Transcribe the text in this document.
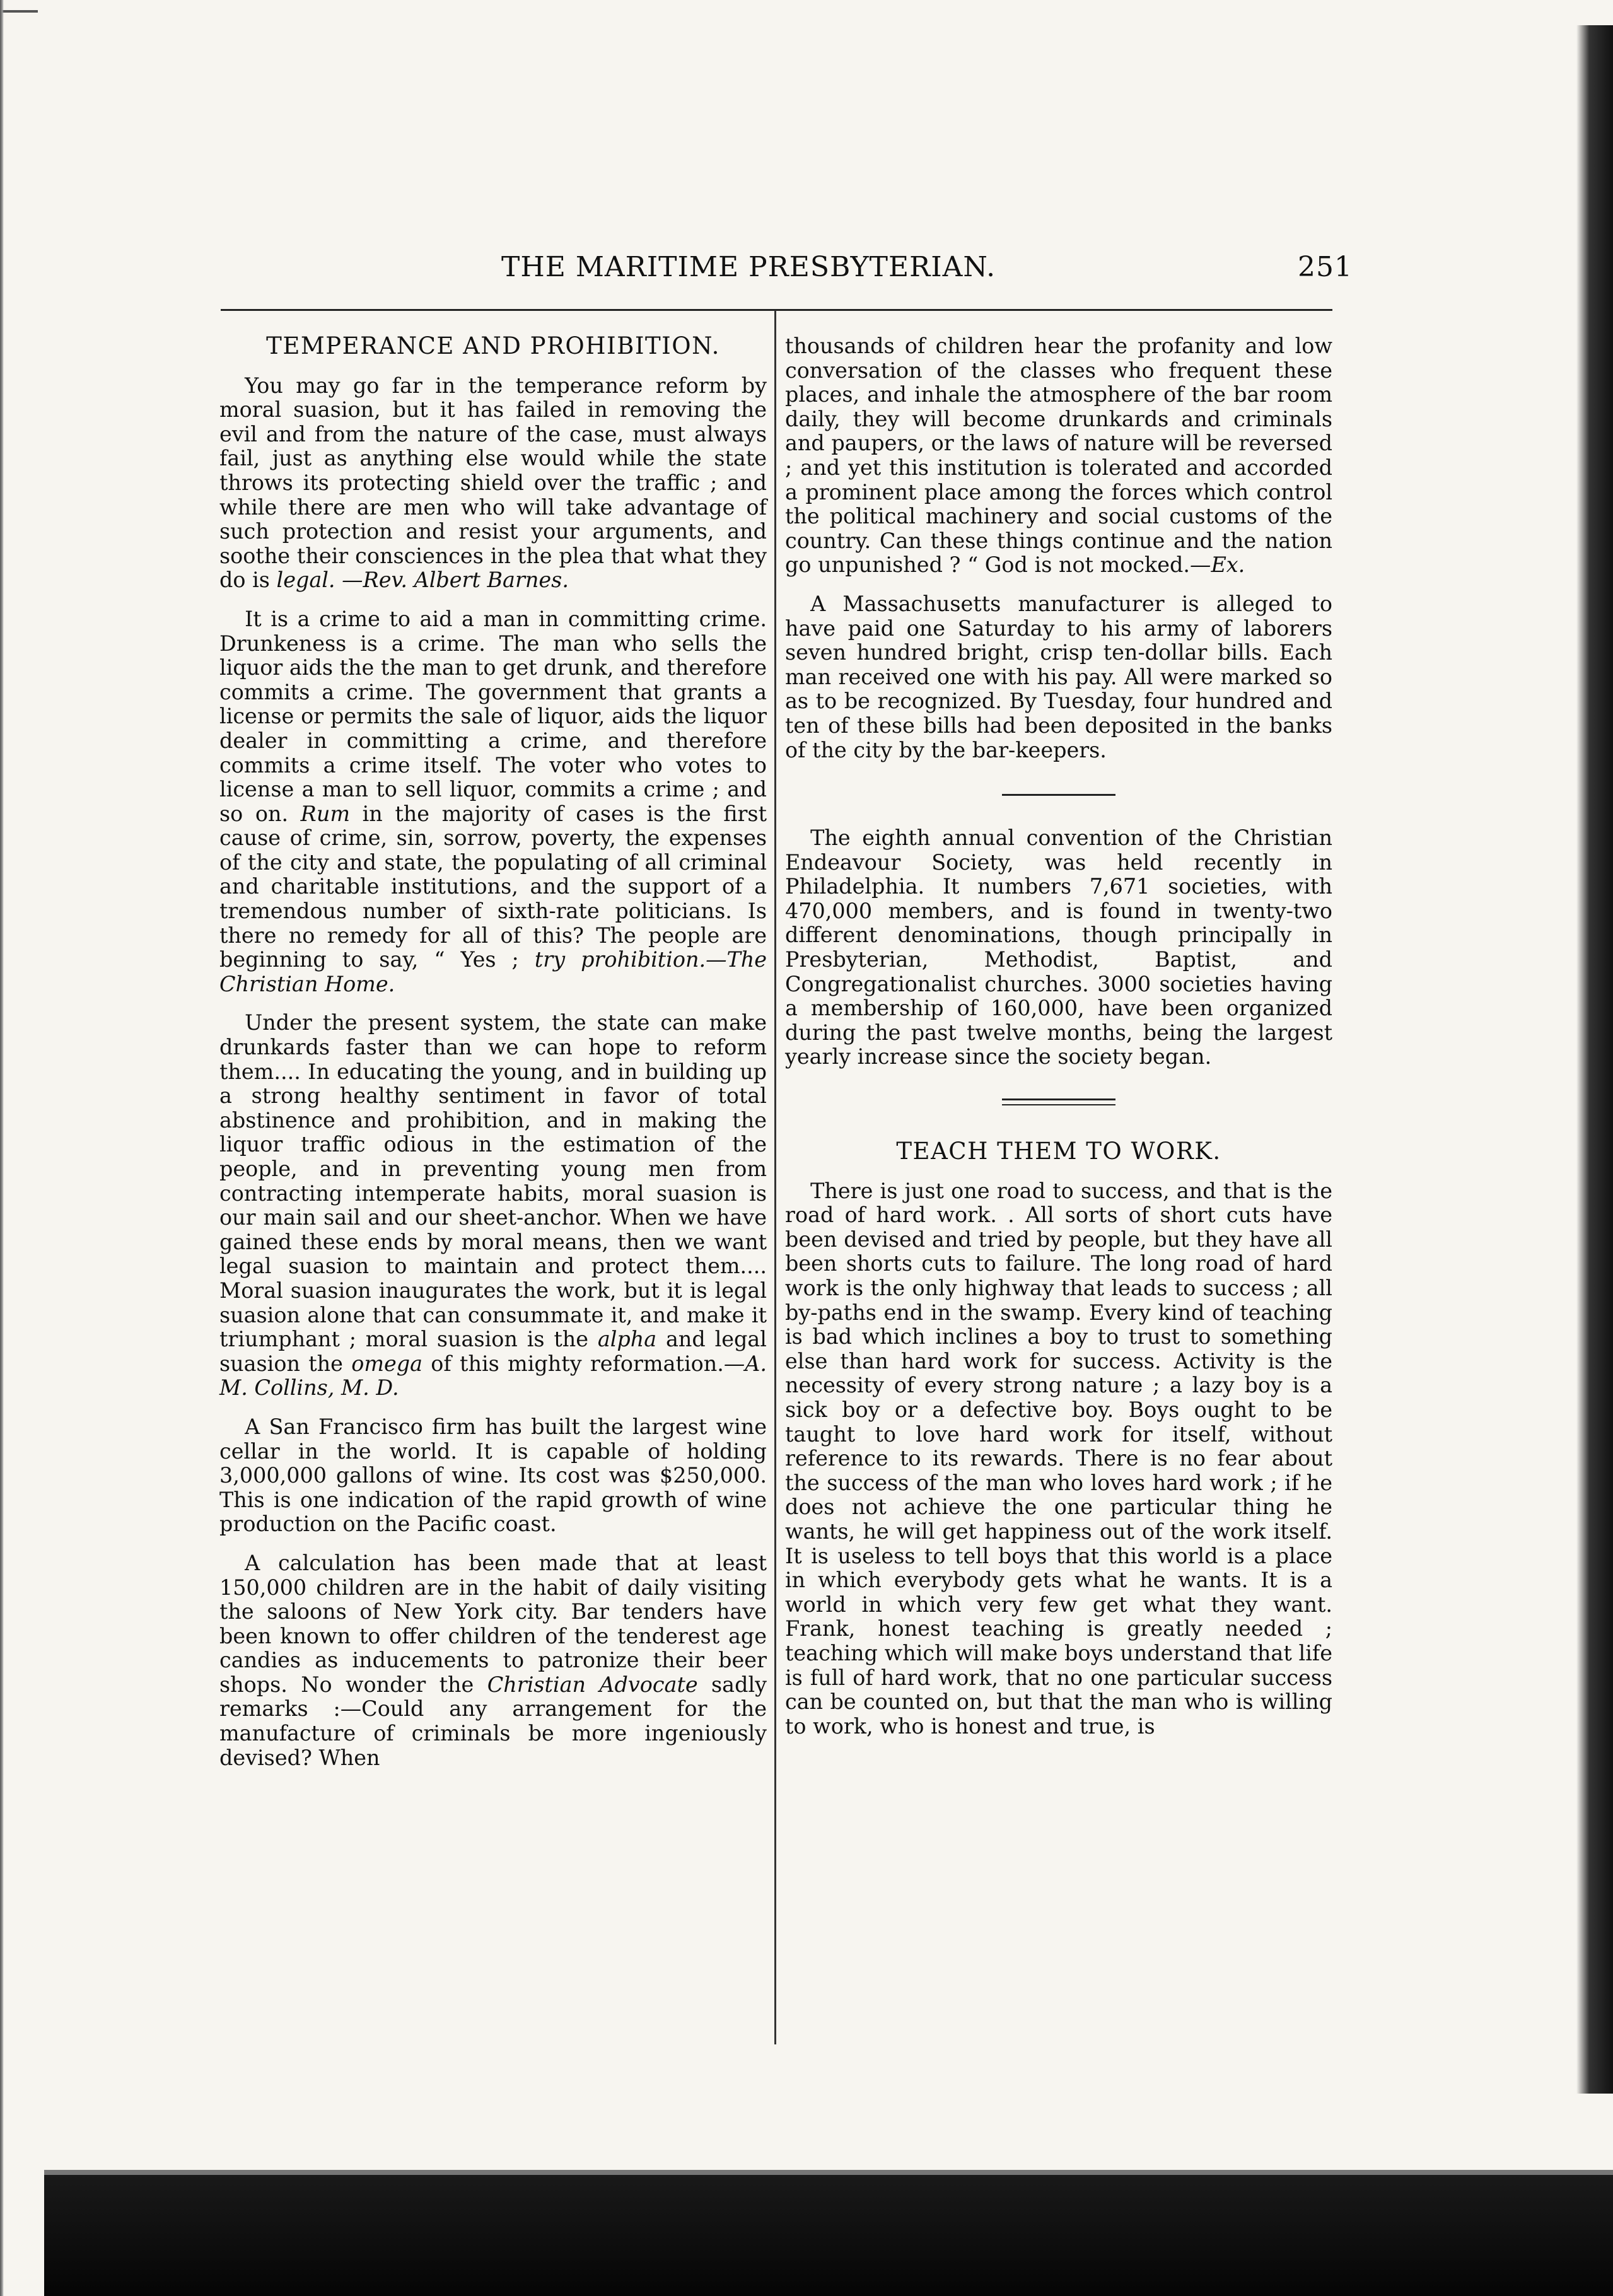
THE MARITIME PRESBYTERIAN.	251
TEMPERANCE AND PROHIBITION.

You may go far in the temperance reform by moral suasion, but it has failed in removing the evil and from the nature of the case, must always fail, just as anything else would while the state throws its protecting shield over the traffic ; and while there are men who will take advantage of such protection and resist your arguments, and soothe their consciences in the plea that what they do is legal. —Rev. Albert Barnes.

It is a crime to aid a man in committing crime. Drunkeness is a crime. The man who sells the liquor aids the the man to get drunk, and therefore commits a crime. The government that grants a license or permits the sale of liquor, aids the liquor dealer in committing a crime, and therefore commits a crime itself. The voter who votes to license a man to sell liquor, commits a crime ; and so on. Rum in the majority of cases is the first cause of crime, sin, sorrow, poverty, the expenses of the city and state, the populating of all criminal and charitable institutions, and the support of a tremendous number of sixth-rate politicians. Is there no remedy for all of this? The people are beginning to say, “ Yes ; try prohibition.—The Christian Home.

Under the present system, the state can make drunkards faster than we can hope to reform them.... In educating the young, and in building up a strong healthy sentiment in favor of total abstinence and prohibition, and in making the liquor traffic odious in the estimation of the people, and in preventing young men from contracting intemperate habits, moral suasion is our main sail and our sheet-anchor. When we have gained these ends by moral means, then we want legal suasion to maintain and protect them.... Moral suasion inaugurates the work, but it is legal suasion alone that can consummate it, and make it triumphant ; moral suasion is the alpha and legal suasion the omega of this mighty reformation.—A. M. Collins, M. D.

A San Francisco firm has built the largest wine cellar in the world. It is capable of holding 3,000,000 gallons of wine. Its cost was $250,000. This is one indication of the rapid growth of wine production on the Pacific coast.

A calculation has been made that at least 150,000 children are in the habit of daily visiting the saloons of New York city. Bar tenders have been known to offer children of the tenderest age candies as inducements to patronize their beer shops. No wonder the Christian Advocate sadly remarks :—Could any arrangement for the manufacture of criminals be more ingeniously devised? When

thousands of children hear the profanity and low conversation of the classes who frequent these places, and inhale the atmosphere of the bar room daily, they will become drunkards and criminals and paupers, or the laws of nature will be reversed ; and yet this institution is tolerated and accorded a prominent place among the forces which control the political machinery and social customs of the country. Can these things continue and the nation go unpunished ? “ God is not mocked.—Ex.

A Massachusetts manufacturer is alleged to have paid one Saturday to his army of laborers seven hundred bright, crisp ten-dollar bills. Each man received one with his pay. All were marked so as to be recognized. By Tuesday, four hundred and ten of these bills had been deposited in the banks of the city by the bar-keepers.

The eighth annual convention of the Christian Endeavour Society, was held recently in Philadelphia. It numbers 7,671 societies, with 470,000 members, and is found in twenty-two different denominations, though principally in Presbyterian, Methodist, Baptist, and Congregationalist churches. 3000 societies having a membership of 160,000, have been organized during the past twelve months, being the largest yearly increase since the society began.

TEACH THEM TO WORK.

There is just one road to success, and that is the road of hard work. . All sorts of short cuts have been devised and tried by people, but they have all been shorts cuts to failure. The long road of hard work is the only highway that leads to success ; all by-paths end in the swamp. Every kind of teaching is bad which inclines a boy to trust to something else than hard work for success. Activity is the necessity of every strong nature ; a lazy boy is a sick boy or a defective boy. Boys ought to be taught to love hard work for itself, without reference to its rewards. There is no fear about the success of the man who loves hard work ; if he does not achieve the one particular thing he wants, he will get happiness out of the work itself. It is useless to tell boys that this world is a place in which everybody gets what he wants. It is a world in which very few get what they want. Frank, honest teaching is greatly needed ; teaching which will make boys understand that life is full of hard work, that no one particular success can be counted on, but that the man who is willing to work, who is honest and true, is
